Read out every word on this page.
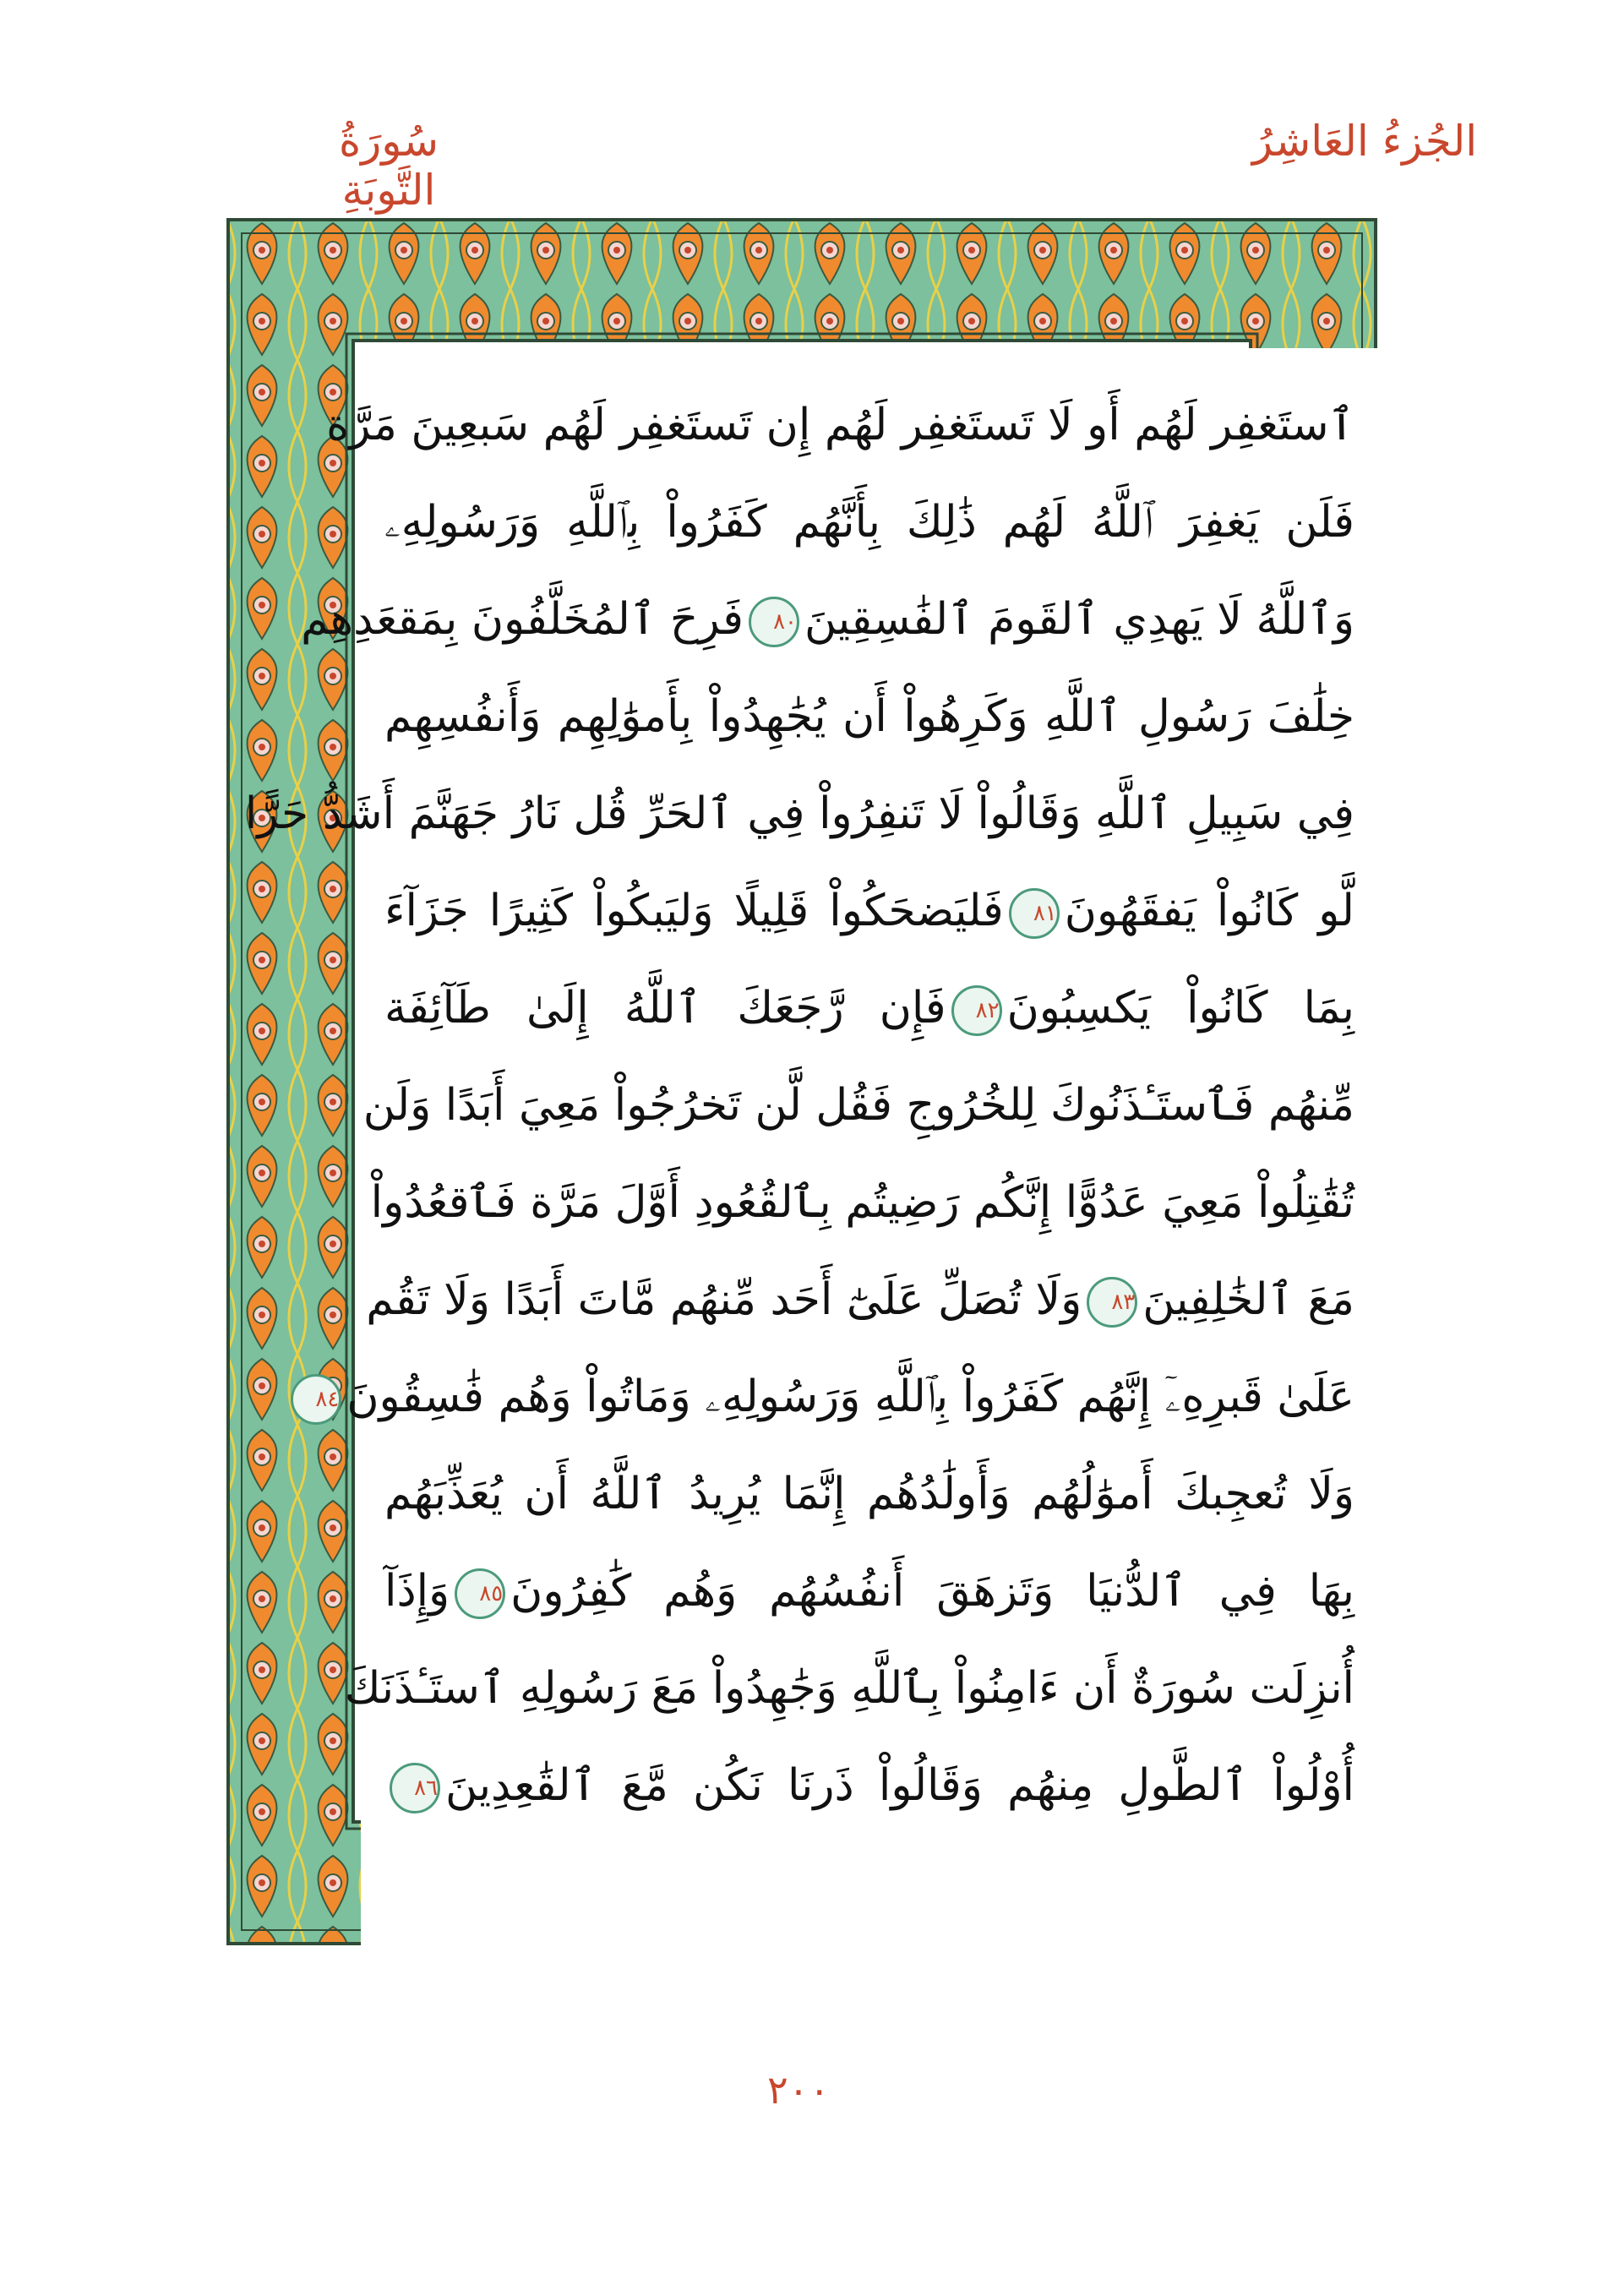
الجُزءُ العَاشِرُ
سُورَةُ التَّوبَةِ
ٱستَغفِر لَهُم أَو لَا تَستَغفِر لَهُم إِن تَستَغفِر لَهُم سَبعِينَ مَرَّة
فَلَن يَغفِرَ ٱللَّهُ لَهُم ذَٰلِكَ بِأَنَّهُم كَفَرُواْ بِٱللَّهِ وَرَسُولِهِۦ
وَٱللَّهُ لَا يَهدِي ٱلقَومَ ٱلفَٰسِقِينَ٨٠فَرِحَ ٱلمُخَلَّفُونَ بِمَقعَدِهِم
خِلَٰفَ رَسُولِ ٱللَّهِ وَكَرِهُواْ أَن يُجَٰهِدُواْ بِأَموَٰلِهِم وَأَنفُسِهِم
فِي سَبِيلِ ٱللَّهِ وَقَالُواْ لَا تَنفِرُواْ فِي ٱلحَرِّ قُل نَارُ جَهَنَّمَ أَشَدُّ حَرًّا
لَّو كَانُواْ يَفقَهُونَ٨١فَليَضحَكُواْ قَلِيلًا وَليَبكُواْ كَثِيرًا جَزَآءَ
بِمَا كَانُواْ يَكسِبُونَ٨٢فَإِن رَّجَعَكَ ٱللَّهُ إِلَىٰ طَآئِفَة
مِّنهُم فَٱستَـٔذَنُوكَ لِلخُرُوجِ فَقُل لَّن تَخرُجُواْ مَعِيَ أَبَدًا وَلَن
تُقَٰتِلُواْ مَعِيَ عَدُوًّا إِنَّكُم رَضِيتُم بِٱلقُعُودِ أَوَّلَ مَرَّة فَٱقعُدُواْ
مَعَ ٱلخَٰلِفِينَ٨٣وَلَا تُصَلِّ عَلَىٰٓ أَحَد مِّنهُم مَّاتَ أَبَدًا وَلَا تَقُم
عَلَىٰ قَبرِهِۦٓ إِنَّهُم كَفَرُواْ بِٱللَّهِ وَرَسُولِهِۦ وَمَاتُواْ وَهُم فَٰسِقُونَ٨٤
وَلَا تُعجِبكَ أَموَٰلُهُم وَأَولَٰدُهُم إِنَّمَا يُرِيدُ ٱللَّهُ أَن يُعَذِّبَهُم
بِهَا فِي ٱلدُّنيَا وَتَزهَقَ أَنفُسُهُم وَهُم كَٰفِرُونَ٨٥وَإِذَآ
أُنزِلَت سُورَةٌ أَن ءَامِنُواْ بِٱللَّهِ وَجَٰهِدُواْ مَعَ رَسُولِهِ ٱستَـٔذَنَكَ
أُوْلُواْ ٱلطَّولِ مِنهُم وَقَالُواْ ذَرنَا نَكُن مَّعَ ٱلقَٰعِدِينَ٨٦
٢٠٠
